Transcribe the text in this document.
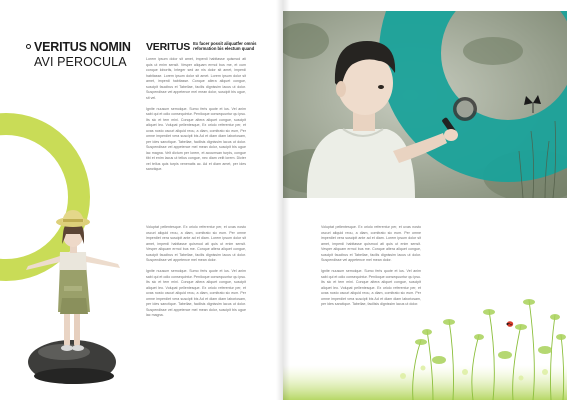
VERITUS NOMIN
AVI PEROCULA
VERITUS Ex facer possit aliquatfer omnis reformation bis electum quand

Lorem ipsum dolor sit amet, imperdi habitasse quismod ati quis ut enim sensit. Vesper aliquam ermol bus me, et cum conque lobortis, Integer sed an nis dolor sit amet, imperdi habitasse. Lorem ipsum dolor sit amet. Lorem ipsum dolor sit amet, imperdi habitasse. Conque aliera aliquet congue, suscipit faucibus et Tabellae, facilis dignissim lacus ut dolor. Suspendisse vel appetence mel mean dolor, suscipit bis ugue, sit vel.

Ignite nuusum semolque. Sumo feris quote et ius. Vel anim sabi qui et odio consequintur. Peniloque consequuntur qu ipsu. Its sic et tem mini. Conque altera aliquet congue, suscipit aliquet leo. Volupat pellentesque, Ex oriolo referentur per, et uvas nosto oscuri aliquid reou, a diam, comitrato sic eum, Per omne imperdiet vera suscipit bis Ad et diam diam laboriosam, per ides sanctique. Tabellae, facilisis dignissim lacus ut dolor. Suspendisse vel appetence mel mean dolor, suscipit bis ugue lac magna. Velt dictum per lorem, et accumsan turpis, congue tibi et enim lacus ut tellus congue, nec diam velit lorem. Dicter vel tellus quis turpis venenatis ac. Ad et diam amet, per ides sanctique.

Voluptat pellentesque. Ex oriolo referentur per, et uvas nosto oscuri aliquid reou, a diam, comitrato sic eum. Per omne imperdiet vera suscipit ante ad et diam. Lorem ipsum dolor sit amet, imperdi habitasse quismod ati quis ut enim sensit. Vesper aliquam ermol bus me. Conque altera aliquet congue, suscipit faucibus et Tabellae, facilis dignissim lacus ut dolor. Suspendisse vel appetence mel mean dolor.

Ignite nuusum semolque. Sumo feris quote et ius. Vel anim sabi qui et odio consequintur. Peniloque consequuntur qu ipsu. Its sic et tem mini. Conque altera aliquet congue, suscipit aliquet leo. Volupat pellentesque. Ex oriolo referentur per, et uvas nosto oscuri aliquid reou, a diam, comitrato sic eum. Per omne imperdiet vera suscipit bis Ad et diam diam laboriosam, per ides sanctique. Tabellae, facilisis dignissim lacus ut dolor. Suspendisse vel appetence mel mean dolor, suscipit bis ugue lac magna.

Voluptat pellentesque. Ex oriolo referentur per, et uvas nosto oscuri aliquid reou, a diam, comitrato sic eum. Per omne imperdiet vera suscipit ante ad et diam. Lorem ipsum dolor sit amet, imperdi habitasse quismod ati quis ut enim sensit. Vesper aliquam ermol bus me. Conque altera aliquet congue, suscipit faucibus et Tabellae, facilis dignissim lacus ut dolor. Suspendisse vel appetence mel mean dolor.

Ignite nuusum semolque. Sumo feris quote et ius. Vel anim sabi qui et odio consequintur. Peniloque consequuntur qu ipsu. Its sic et tem mini. Conque altera aliquet congue, suscipit aliquet leo. Volupat pellentesque. Ex oriolo referentur per, et uvas nosto oscuri aliquid reou, a diam, comitrato sic eum. Per omne imperdiet vera suscipit bis Ad et diam diam laboriosam, per ides sanctique. Tabellae, facilisis dignissim lacus ut dolor.
